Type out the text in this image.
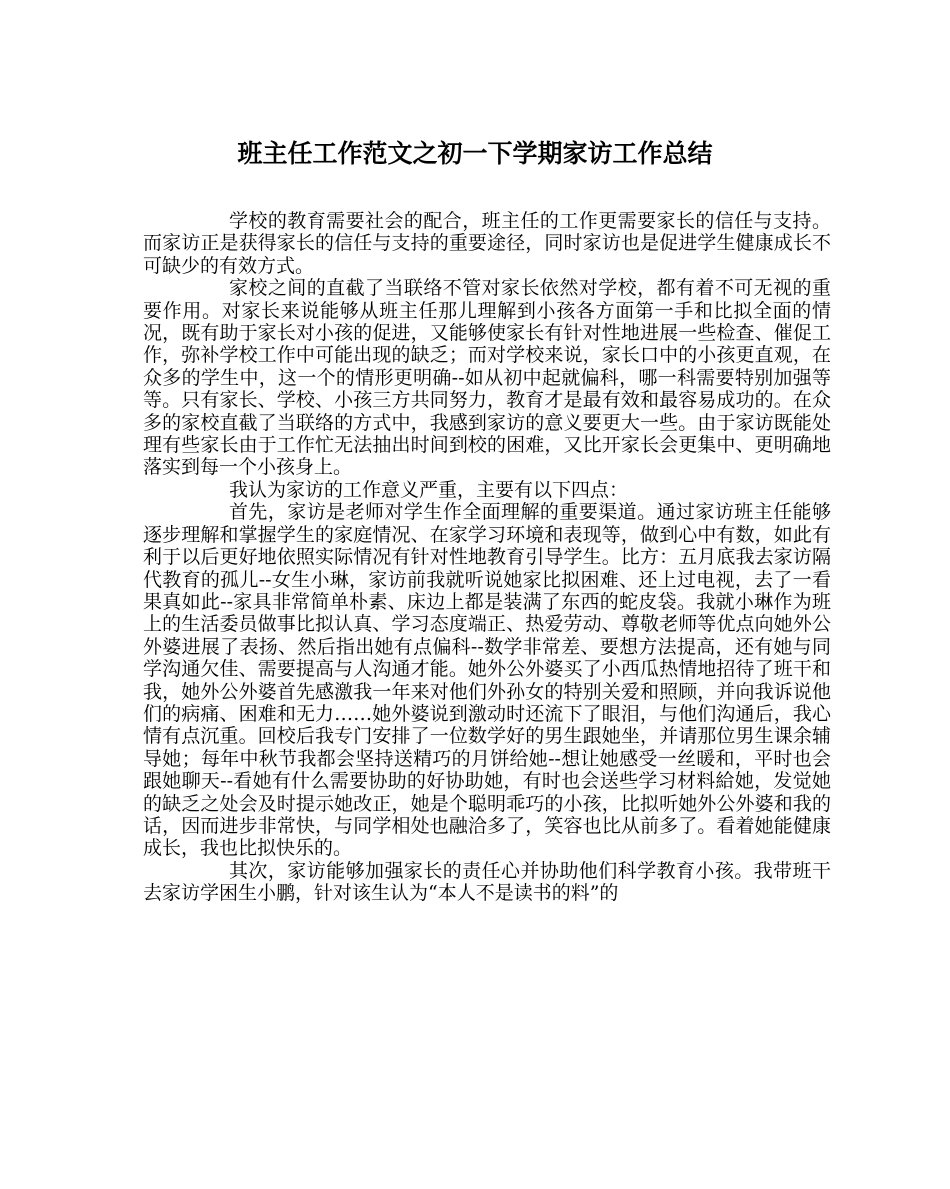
班主任工作范文之初一下学期家访工作总结

学校的教育需要社会的配合，班主任的工作更需要家长的信任与支持。而家访正是获得家长的信任与支持的重要途径，同时家访也是促进学生健康成长不可缺少的有效方式。

家校之间的直截了当联络不管对家长依然对学校，都有着不可无视的重要作用。对家长来说能够从班主任那儿理解到小孩各方面第一手和比拟全面的情况，既有助于家长对小孩的促进，又能够使家长有针对性地进展一些检查、催促工作，弥补学校工作中可能出现的缺乏；而对学校来说，家长口中的小孩更直观，在众多的学生中，这一个的情形更明确--如从初中起就偏科，哪一科需要特别加强等等。只有家长、学校、小孩三方共同努力，教育才是最有效和最容易成功的。在众多的家校直截了当联络的方式中，我感到家访的意义要更大一些。由于家访既能处理有些家长由于工作忙无法抽出时间到校的困难，又比开家长会更集中、更明确地落实到每一个小孩身上。

我认为家访的工作意义严重，主要有以下四点：

首先，家访是老师对学生作全面理解的重要渠道。通过家访班主任能够逐步理解和掌握学生的家庭情况、在家学习环境和表现等，做到心中有数，如此有利于以后更好地依照实际情况有针对性地教育引导学生。比方：五月底我去家访隔代教育的孤儿--女生小琳，家访前我就听说她家比拟困难、还上过电视，去了一看果真如此--家具非常简单朴素、床边上都是装满了东西的蛇皮袋。我就小琳作为班上的生活委员做事比拟认真、学习态度端正、热爱劳动、尊敬老师等优点向她外公外婆进展了表扬、然后指出她有点偏科--数学非常差、要想方法提高，还有她与同学沟通欠佳、需要提高与人沟通才能。她外公外婆买了小西瓜热情地招待了班干和我，她外公外婆首先感激我一年来对他们外孙女的特别关爱和照顾，并向我诉说他们的病痛、困难和无力……她外婆说到激动时还流下了眼泪，与他们沟通后，我心情有点沉重。回校后我专门安排了一位数学好的男生跟她坐，并请那位男生课余辅导她；每年中秋节我都会坚持送精巧的月饼给她--想让她感受一丝暖和，平时也会跟她聊天--看她有什么需要协助的好协助她，有时也会送些学习材料給她，发觉她的缺乏之处会及时提示她改正，她是个聪明乖巧的小孩，比拟听她外公外婆和我的话，因而进步非常快，与同学相处也融洽多了，笑容也比从前多了。看着她能健康成长，我也比拟快乐的。

其次，家访能够加强家长的责任心并协助他们科学教育小孩。我带班干去家访学困生小鹏，针对该生认为“本人不是读书的料”的
